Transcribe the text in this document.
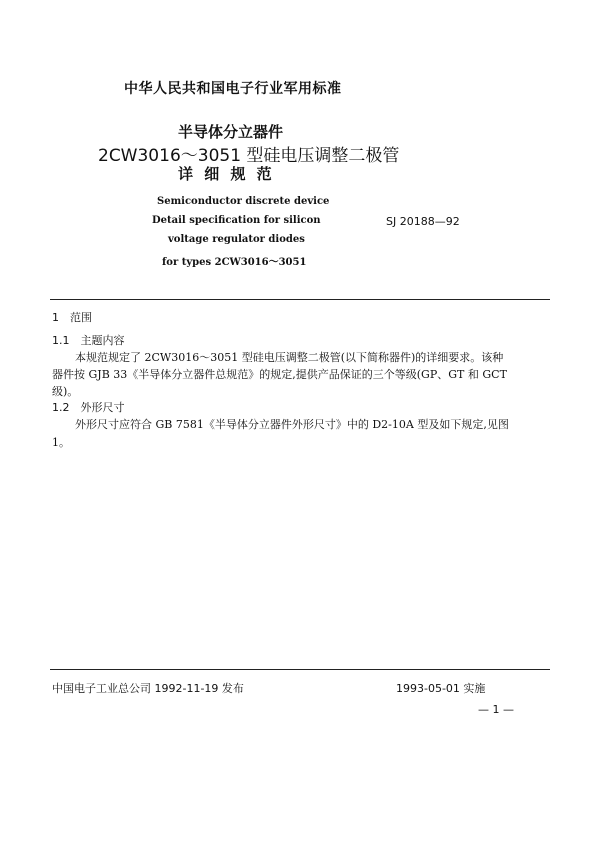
中华人民共和国电子行业军用标准
半导体分立器件
2CW3016～3051 型硅电压调整二极管
详 细 规 范
Semiconductor discrete device
Detail specification for silicon
voltage regulator diodes
for types 2CW3016～3051
SJ 20188—92
1　范围
1.1　主题内容
本规范规定了 2CW3016～3051 型硅电压调整二极管(以下简称器件)的详细要求。该种
器件按 GJB 33《半导体分立器件总规范》的规定,提供产品保证的三个等级(GP、GT 和 GCT
级)。
1.2　外形尺寸
外形尺寸应符合 GB 7581《半导体分立器件外形尺寸》中的 D2-10A 型及如下规定,见图
1。
中国电子工业总公司 1992-11-19 发布	1993-05-01 实施
— 1 —
